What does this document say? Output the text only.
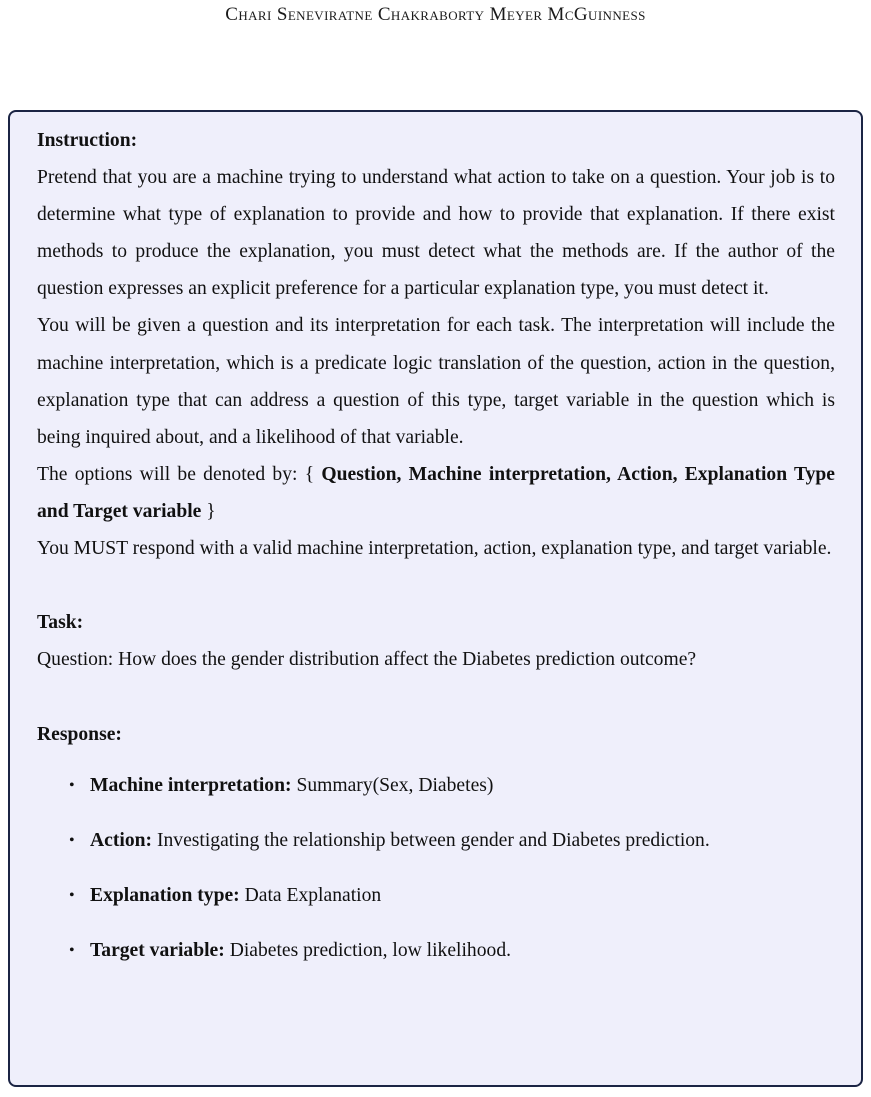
Chari Seneviratne Chakraborty Meyer McGuinness
Instruction:

Pretend that you are a machine trying to understand what action to take on a question. Your job is to determine what type of explanation to provide and how to provide that explanation. If there exist methods to produce the explanation, you must detect what the methods are. If the author of the question expresses an explicit preference for a particular explanation type, you must detect it.

You will be given a question and its interpretation for each task. The interpretation will include the machine interpretation, which is a predicate logic translation of the question, action in the question, explanation type that can address a question of this type, target variable in the question which is being inquired about, and a likelihood of that variable.

The options will be denoted by: { Question, Machine interpretation, Action, Explanation Type and Target variable }

You MUST respond with a valid machine interpretation, action, explanation type, and target variable.

Task:

Question: How does the gender distribution affect the Diabetes prediction outcome?

Response:
• Machine interpretation: Summary(Sex, Diabetes)
• Action: Investigating the relationship between gender and Diabetes prediction.
• Explanation type: Data Explanation
• Target variable: Diabetes prediction, low likelihood.
